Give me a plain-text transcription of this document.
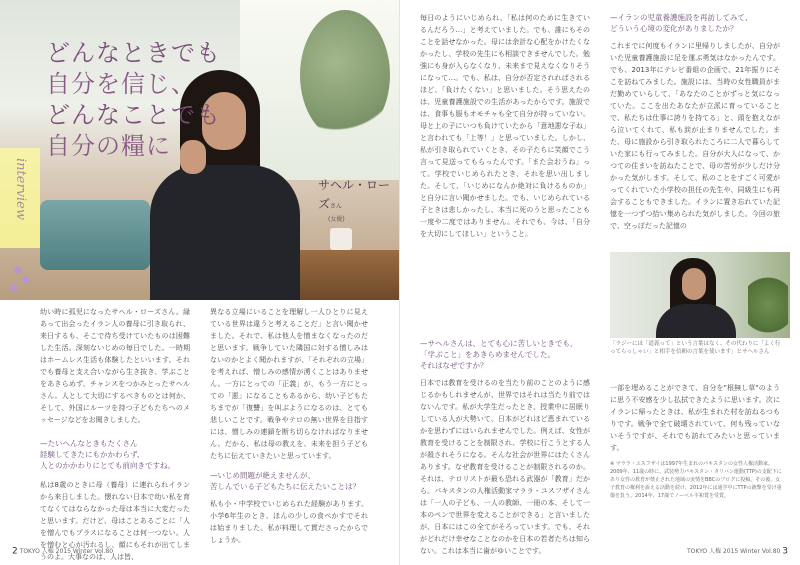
どんなときでも
自分を信じ、
どんなことでも
自分の糧に
サヘル・ローズさん
(女優)
interview

幼い時に孤児になったサヘル・ローズさん。縁あって出会ったイラン人の養母に引き取られ、来日するも、そこで待ち受けていたものは困難した生活。深刻ないじめの毎日でした。一時期はホームレス生活も体験したといいます。それでも養母と支え合いながら生き抜き、学ぶことをあきらめず、チャンスをつかみとったサヘルさん。人として大切にするべきものとは何か、そして、外国にルーツを持つ子どもたちへのメッセージなどをお聞きしました。

—たいへんなときもたくさん
経験してきたにもかかわらず、
人とのかかわりにとても前向きですね。

私は8歳のときに母（養母）に連れられイランから来日しました。懐れない日本で幼い私を育てなくてはならなかった母は本当に大変だったと思います。だけど、母はことあるごとに「人を憎んでもプラスになることは何一つない。人を憎むと心が汚れるし、顔にもそれが出てしまうのよ。大事なのは、人は皆、

異なる立場にいることを理解し一人ひとりに見えている世界は違うと考えることだ」と言い聞かせました。それで、私は他人を憎まなくなったのだと思います。戦争していた隣国に対する憎しみはないのかとよく聞かれますが、「それぞれの立場」を考えれば、憎しみの感情が湧くことはありません。一方にとっての「正義」が、もう一方にとっての「悪」になることもあるから、幼い子どもたちまでが「復讐」を叫ぶようになるのは、とても悲しいことです。戦争やテロの無い世界を目指すには、憎しみの連鎖を断ち切らなければなりません。だから、私は母の教えを、未来を担う子どもたちに伝えていきたいと思っています。

—いじめ問題が絶えませんが、
苦しんでいる子どもたちに伝えたいことは？

私も小・中学校でいじめられた経験があります。小学6年生のとき、ほんの少しの食べかすでそれは始まりました。私が料理して貫ださったからでしょうか。

2 TOKYO 人権 2015 Winter Vol.80

毎日のようにいじめられ、「私は何のために生きているんだろう…」と考えていました。でも、誰にもそのことを話せなかった。母には余計な心配をかけたくなかったし、学校の先生にも相談できませんでした。勉強にも身が入らなくなり、未来まで見えなくなりそうになって…。でも、私は、自分が否定されればされるほど、「負けたくない」と思いました。そう思えたのは、児童養護施設での生活があったからです。施設では、食事も服もオモチャも全て自分が持っていない。母と上の子にいつも負けていたから「意地悪な子ね」と言われても「上等！」と思っていました。しかし、私が引き取られていくとき、その子たちに笑顔でこう言って見送ってもらったんです。「また会おうね」って。学校でいじめられたとき、それを思い出しました。そして、「いじめになんか絶対に負けるものか」と自分に言い聞かせました。でも、いじめられている子ときは悲しかったし、本当に死のうと思ったことも一度や二度ではありません。それでも、今は、「自分を大切にしてほしい」ということ。

—サヘルさんは、とても心に苦しいときでも、
「学ぶこと」をあきらめませんでした。
それはなぜですか？

日本では教育を受けるのを当たり前のことのように感じるかもしれませんが、世界ではそれは当たり前ではないんです。私が大学生だったとき、授業中に居眠りしている人が大勢いて、日本がどれほど恵まれているかを思わずにはいられませんでした。例えば、女性が教育を受けることを制限され、学校に行こうとする人が殺されそうになる。そんな社会が世界にはたくさんあります。なぜ教育を受けることが制限されるのか。それは、テロリストが最も恐れる武器が「教育」だから。パキスタンの人権活動家マララ・ユスフザイさんは「一人の子ども、一人の教師、一冊の本、そして一本のペンで世界を変えることができる」と言いましたが、日本にはこの全てがそろっています。でも、それがどれだけ幸せなことなのかを日本の若者たちは知らない。これは本当に歯がゆいことです。

—イランの児童養護施設を再訪してみて、
どういう心境の変化がありましたか？

これまでに何度もイランに里帰りしましたが、自分がいた児童養護施設に足を運ぶ勇気はなかったんです。でも、2013年にテレビ番組の企画で、21年振りにそこを訪ねてみました。施設には、当時の女性職員がまだ勤めていらして、「あなたのことがずっと気になっていた。ここを出たあなたが立派に育っていることで、私たちは仕事に誇りを持てる」と、頭を抱えながら泣いてくれて、私も涙が止まりませんでした。また、母に施設から引き取られたころに二人で暮らしていた家にも行ってみました。自分が大人になって、かつての住まいを訪ねたことで、母の苦労が少しだけ分かった気がします。そして、私のことをすごく可愛がってくれていた小学校の担任の先生や、同級生にも再会することもできました。イランに置き忘れていた記憶を一つずつ拾い集められた気がしました。今回の旅で、空っぽだった記憶の

「ラジーにほ「道義って」という言葉はなく、その代わりに「よく行ってらっしゃい」と相手を信頼の言葉を使います」とサヘルさん

一部を埋めることができて、自分を"根無し草"のように思う不安感を少し払拭できたように思います。次にイランに帰ったときは、私が生まれた村を訪ねるつもりです。戦争で全て破壊されていて、何も残っていないそうですが、それでも訪れてみたいと思っています。

※ マララ・ユスフザイは1997年生まれのパキスタンの女性人権活動家。2009年、11歳の時に、武装勢力パキスタン・タリバン運動(TTP)の支配下にあり女性の教育が禁止された地域の実情をBBCのブログに投稿。その後、女子教育の権利を訴える活動を続け、2012年には通学中にTTPの銃撃を受け重傷を負う。2014年、17歳でノーベル平和賞を受賞。
TOKYO 人権 2015 Winter Vol.80 3
